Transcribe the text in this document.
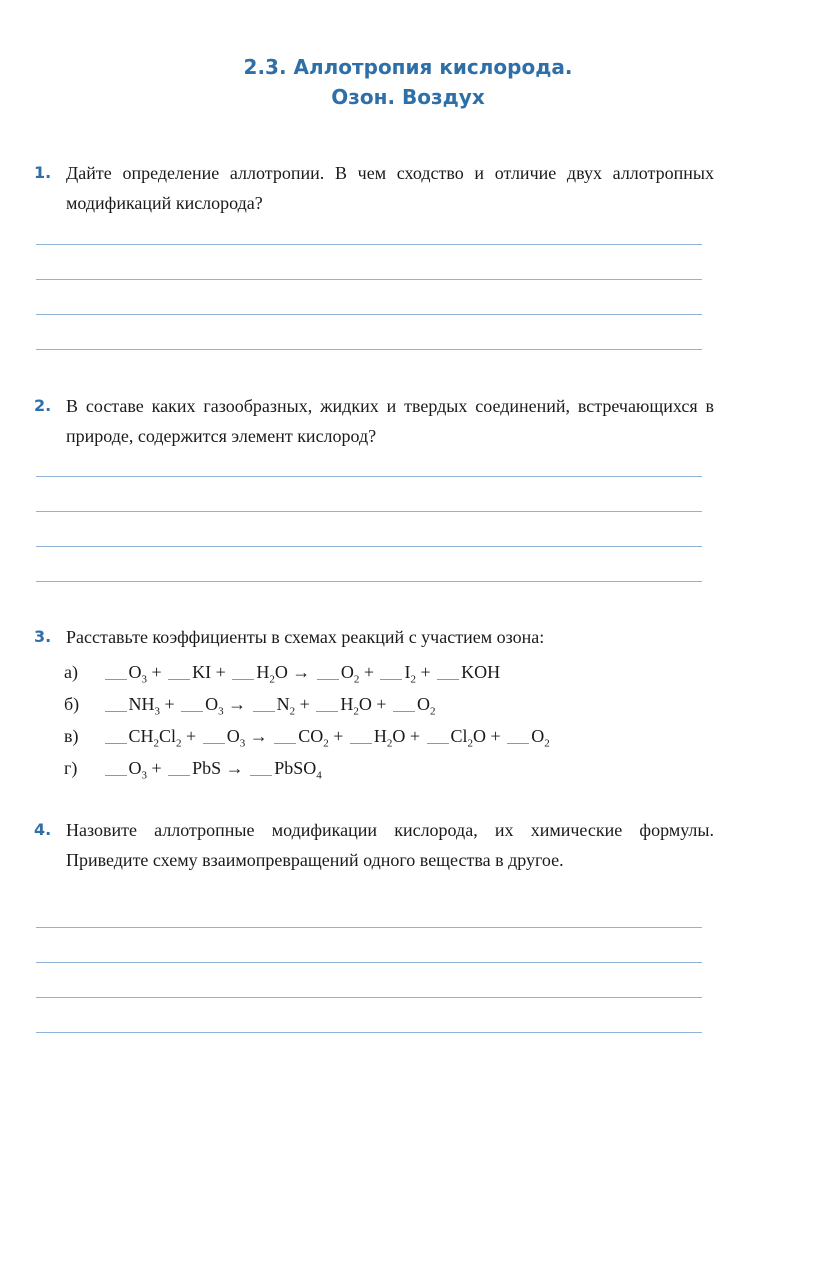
2.3. Аллотропия кислорода.
Озон. Воздух
1. Дайте определение аллотропии. В чем сходство и отличие двух аллотропных модификаций кислорода?
2. В составе каких газообразных, жидких и твердых соединений, встречающихся в природе, содержится элемент кислород?
3. Расставьте коэффициенты в схемах реакций с участием озона:
а)	$O_3$ + KI + $H_2O \to O_2 + I_2$ + KOH
б)	$NH_3 + O_3 \to N_2 + H_2O + O_2$
в)	$CH_2Cl_2 + O_3 \to CO_2 + H_2O + Cl_2O + O_2$
г)	$O_3$ + PbS → PbSO$_4$
4. Назовите аллотропные модификации кислорода, их химические формулы. Приведите схему взаимопревращений одного вещества в другое.
